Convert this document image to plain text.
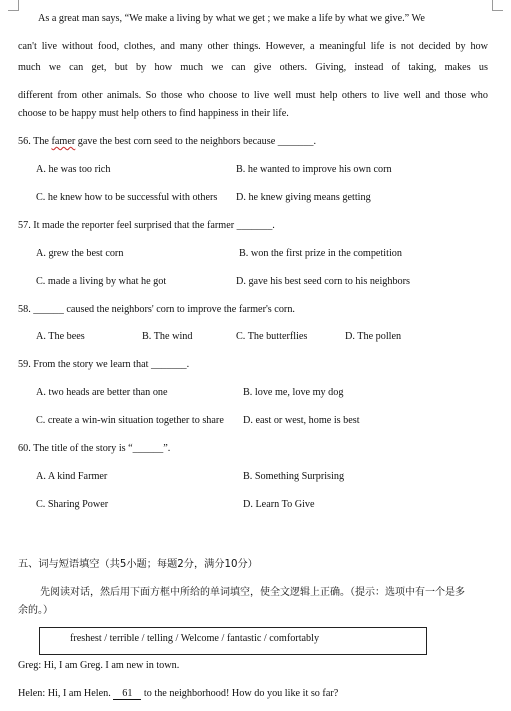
As a great man says, “We make a living by what we get ; we make a life by what we give.” We
can't live without food, clothes, and many other things. However, a meaningful life is not decided by how
much we can get, but by how much we can give others. Giving, instead of taking, makes us
different from other animals. So those who choose to live well must help others to live well and those who
choose to be happy must help others to find happiness in their life.
56. The famer gave the best corn seed to the neighbors because _______.
A. he was too rich	B. he wanted to improve his own corn
C. he knew how to be successful with others D. he knew giving means getting
57. It made the reporter feel surprised that the farmer _______.
A. grew the best corn	B. won the first prize in the competition
C. made a living by what he got	D. gave his best seed corn to his neighbors
58. ______ caused the neighbors' corn to improve the farmer's corn.
A. The bees	B. The wind	C. The butterflies	D. The pollen
59. From the story we learn that _______.
A. two heads are better than one	B. love me, love my dog
C. create a win-win situation together to share D. east or west, home is best
60. The title of the story is “______”.
A. A kind Farmer	B. Something Surprising
C. Sharing Power	D. Learn To Give
五、词与短语填空（共5小题；每题2分，满分10分）
先阅读对话，然后用下面方框中所给的单词填空，使全文逻辑上正确。（提示：选项中有一个是多
余的。）
freshest / terrible / telling / Welcome / fantastic / comfortably
Greg: Hi, I am Greg. I am new in town.
Helen: Hi, I am Helen. 61 to the neighborhood! How do you like it so far?
